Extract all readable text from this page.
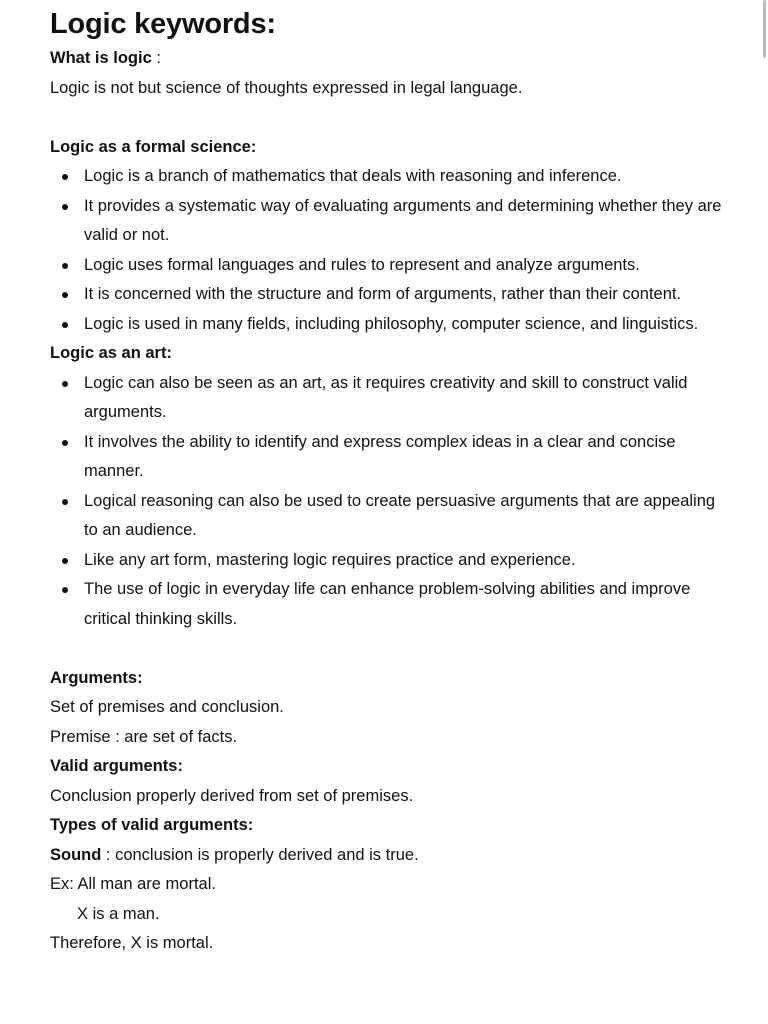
Logic keywords:
What is logic :
Logic is not but science of thoughts expressed in legal language.
Logic as a formal science:
Logic is a branch of mathematics that deals with reasoning and inference.
It provides a systematic way of evaluating arguments and determining whether they are valid or not.
Logic uses formal languages and rules to represent and analyze arguments.
It is concerned with the structure and form of arguments, rather than their content.
Logic is used in many fields, including philosophy, computer science, and linguistics.
Logic as an art:
Logic can also be seen as an art, as it requires creativity and skill to construct valid arguments.
It involves the ability to identify and express complex ideas in a clear and concise manner.
Logical reasoning can also be used to create persuasive arguments that are appealing to an audience.
Like any art form, mastering logic requires practice and experience.
The use of logic in everyday life can enhance problem-solving abilities and improve critical thinking skills.
Arguments:
Set of premises and conclusion.
Premise : are set of facts.
Valid arguments:
Conclusion properly derived from set of premises.
Types of valid arguments:
Sound : conclusion is properly derived and is true.
Ex: All man are mortal.
X is a man.
Therefore, X is mortal.
